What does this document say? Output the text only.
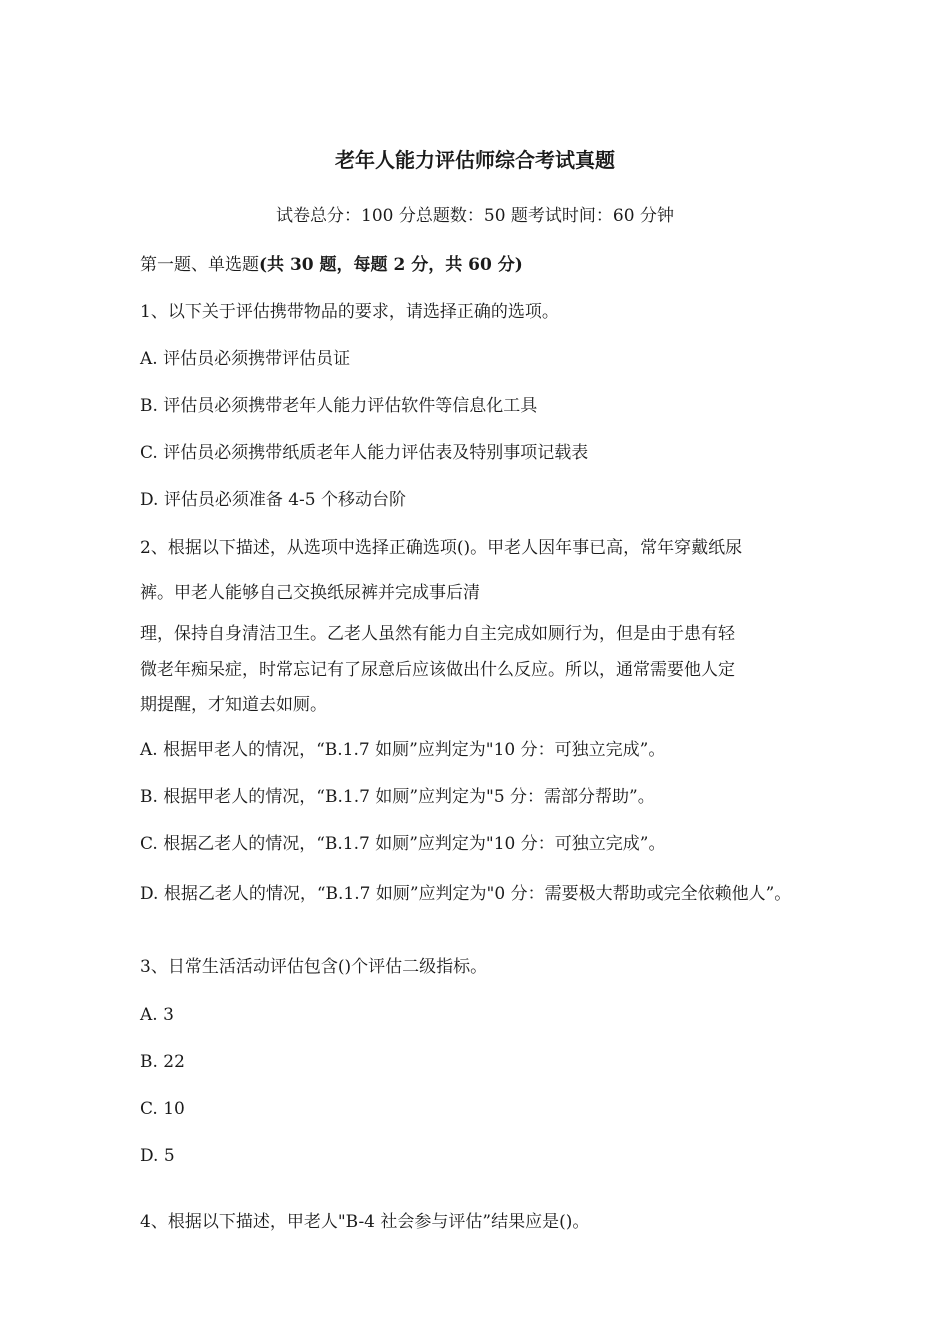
老年人能力评估师综合考试真题
试卷总分：100 分总题数：50 题考试时间：60 分钟
第一题、单选题(共 30 题，每题 2 分，共 60 分)
1、以下关于评估携带物品的要求，请选择正确的选项。
A. 评估员必须携带评估员证
B. 评估员必须携带老年人能力评估软件等信息化工具
C. 评估员必须携带纸质老年人能力评估表及特别事项记载表
D. 评估员必须准备 4-5 个移动台阶
2、根据以下描述，从选项中选择正确选项()。甲老人因年事已高，常年穿戴纸尿
裤。甲老人能够自己交换纸尿裤并完成事后清
理，保持自身清洁卫生。乙老人虽然有能力自主完成如厕行为，但是由于患有轻
微老年痴呆症，时常忘记有了尿意后应该做出什么反应。所以，通常需要他人定
期提醒，才知道去如厕。
A. 根据甲老人的情况，“B.1.7 如厕”应判定为"10 分：可独立完成”。
B. 根据甲老人的情况，“B.1.7 如厕”应判定为"5 分：需部分帮助”。
C. 根据乙老人的情况，“B.1.7 如厕”应判定为"10 分：可独立完成”。
D. 根据乙老人的情况，“B.1.7 如厕”应判定为"0 分：需要极大帮助或完全依赖他人”。
3、日常生活活动评估包含()个评估二级指标。
A. 3
B. 22
C. 10
D. 5
4、根据以下描述，甲老人"B-4 社会参与评估”结果应是()。
